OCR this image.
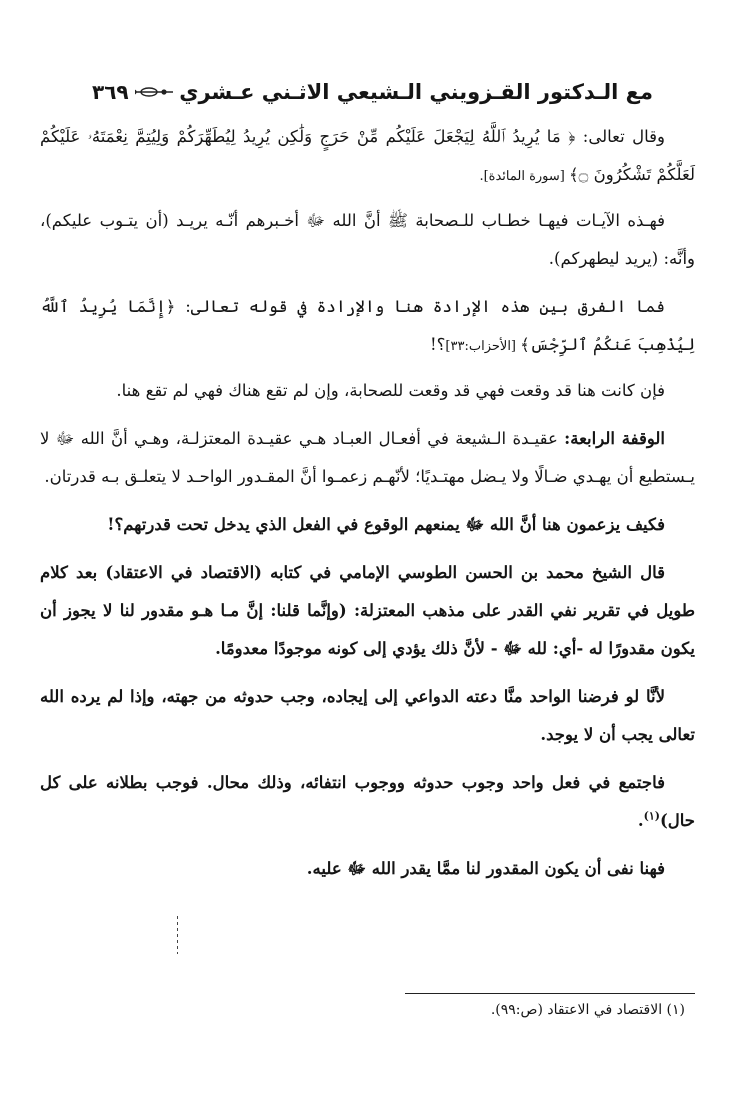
مع الـدكتور القـزويني الـشيعي الاثـني عـشري
٣٦٩

وقال تعالى: ﴿ مَا يُرِيدُ ٱللَّهُ لِيَجْعَلَ عَلَيْكُم مِّنْ حَرَجٍ وَلَٰكِن يُرِيدُ لِيُطَهِّرَكُمْ وَلِيُتِمَّ نِعْمَتَهُۥ عَلَيْكُمْ لَعَلَّكُمْ تَشْكُرُونَ ۝﴾ [سورة المائدة].

فهـذه الآيـات فيهـا خطـاب للـصحابة ﷺ أنَّ الله ﷻ أخـبرهم أنّـه يريـد (أن يتـوب عليكم)، وأنَّه: (يريد ليطهركم).

فما الفرق بين هذه الإرادة هنا والإرادة في قوله تعالى: ﴿إِنَّمَا يُرِيدُ ٱللَّهُ لِيُذْهِبَ عَنكُمُ ٱلرِّجْسَ﴾ [الأحزاب:٣٣]؟!

فإن كانت هنا قد وقعت فهي قد وقعت للصحابة، وإن لم تقع هناك فهي لم تقع هنا.

الوقفة الرابعة: عقيـدة الـشيعة في أفعـال العبـاد هـي عقيـدة المعتزلـة، وهـي أنَّ الله ﷻ لا يـستطيع أن يهـدي ضـالًا ولا يـضل مهتـديًا؛ لأنّهـم زعمـوا أنَّ المقـدور الواحـد لا يتعلـق بـه قدرتان.

فكيف يزعمون هنا أنَّ الله ﷻ يمنعهم الوقوع في الفعل الذي يدخل تحت قدرتهم؟!

قال الشيخ محمد بن الحسن الطوسي الإمامي في كتابه (الاقتصاد في الاعتقاد) بعد كلام طويل في تقرير نفي القدر على مذهب المعتزلة: (وإنَّما قلنا: إنَّ مـا هـو مقدور لنا لا يجوز أن يكون مقدورًا له -أي: لله ﷻ - لأنَّ ذلك يؤدي إلى كونه موجودًا معدومًا.

لأنَّا لو فرضنا الواحد منَّا دعته الدواعي إلى إيجاده، وجب حدوثه من جهته، وإذا لم يرده الله تعالى يجب أن لا يوجد.

فاجتمع في فعل واحد وجوب حدوثه ووجوب انتفائه، وذلك محال. فوجب بطلانه على كل حال)$^{(١)}$.

فهنا نفى أن يكون المقدور لنا ممَّا يقدر الله ﷻ عليه.

(١) الاقتصاد في الاعتقاد (ص:٩٩).
